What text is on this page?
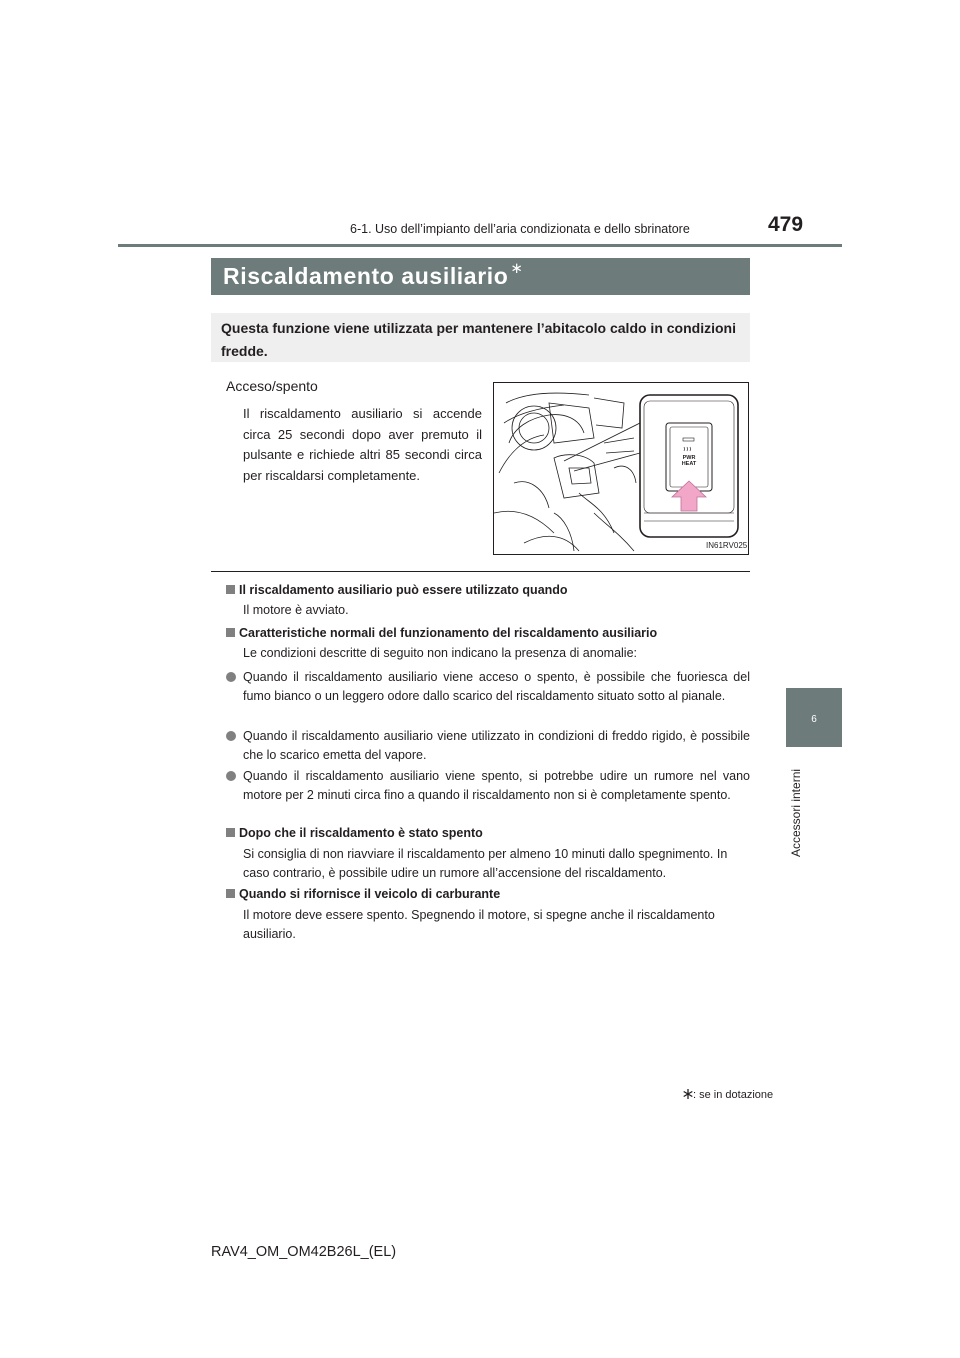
6-1. Uso dell’impianto dell’aria condizionata e dello sbrinatore	479
Riscaldamento ausiliario ∗
Questa funzione viene utilizzata per mantenere l’abitacolo caldo in condizioni fredde.
Acceso/spento
Il riscaldamento ausiliario si accende circa 25 secondi dopo aver premuto il pulsante e richiede altri 85 secondi circa per riscaldarsi completamente.
PWR
HEAT
IN61RV025
Il riscaldamento ausiliario può essere utilizzato quando
Il motore è avviato.
Caratteristiche normali del funzionamento del riscaldamento ausiliario
Le condizioni descritte di seguito non indicano la presenza di anomalie:
Quando il riscaldamento ausiliario viene acceso o spento, è possibile che fuoriesca del fumo bianco o un leggero odore dallo scarico del riscaldamento situato sotto al pianale.
Quando il riscaldamento ausiliario viene utilizzato in condizioni di freddo rigido, è possibile che lo scarico emetta del vapore.
Quando il riscaldamento ausiliario viene spento, si potrebbe udire un rumore nel vano motore per 2 minuti circa fino a quando il riscaldamento non si è completamente spento.
Dopo che il riscaldamento è stato spento
Si consiglia di non riavviare il riscaldamento per almeno 10 minuti dallo spegnimento. In caso contrario, è possibile udire un rumore all’accensione del riscaldamento.
Quando si rifornisce il veicolo di carburante
Il motore deve essere spento. Spegnendo il motore, si spegne anche il riscaldamento ausiliario.
6
Accessori interni
: se in dotazione
RAV4_OM_OM42B26L_(EL)
